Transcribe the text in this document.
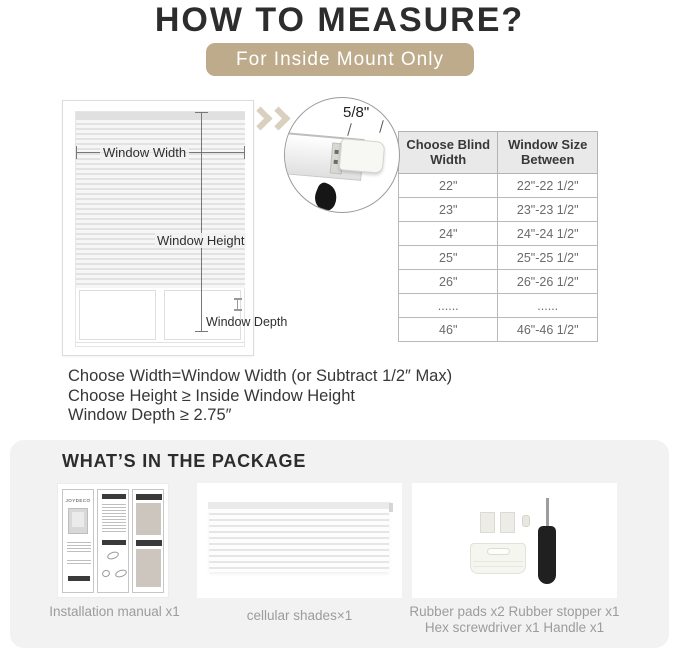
HOW TO MEASURE?
For Inside Mount Only
Window Width
Window Height
Window Depth
5/8"
Choose Blind Width	Window Size Between
22"	22"-22 1/2"
23"	23"-23 1/2"
24"	24"-24 1/2"
25"	25"-25 1/2"
26"	26"-26 1/2"
......	......
46"	46"-46 1/2"
Choose Width=Window Width (or Subtract 1/2″ Max)
Choose Height ≥ Inside Window Height
Window Depth ≥ 2.75″
WHAT’S IN THE PACKAGE
JOYDECO
Installation manual x1	cellular shades×1	Rubber pads x2 Rubber stopper x1
Hex screwdriver x1 Handle x1
